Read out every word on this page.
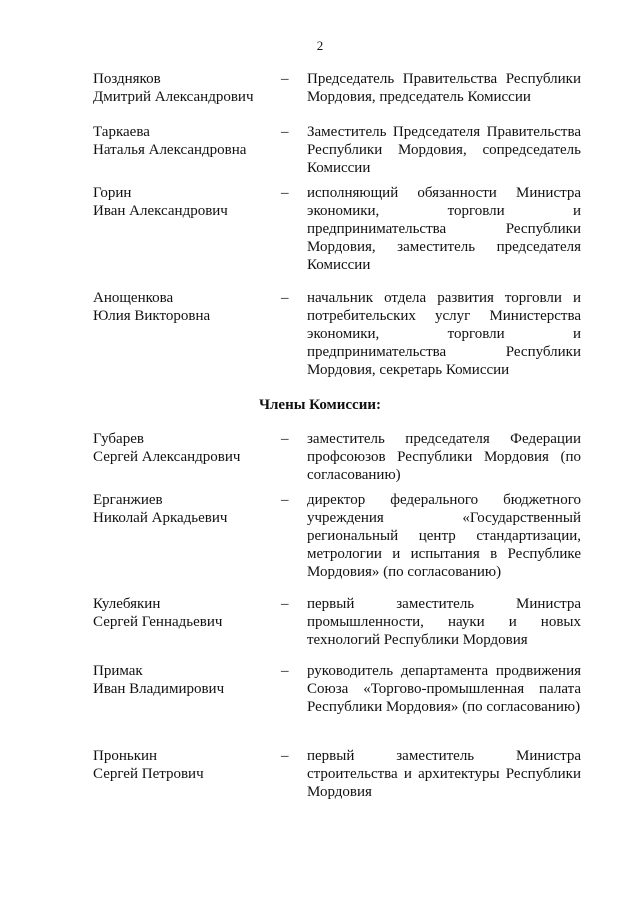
2
Поздняков
Дмитрий Александрович
– Председатель Правительства Республики Мордовия, председатель Комиссии
Таркаева
Наталья Александровна
– Заместитель Председателя Правительства Республики Мордовия, сопредседатель Комиссии
Горин
Иван Александрович
– исполняющий обязанности Министра экономики, торговли и предпринимательства Республики Мордовия, заместитель председателя Комиссии
Анощенкова
Юлия Викторовна
– начальник отдела развития торговли и потребительских услуг Министерства экономики, торговли и предпринимательства Республики Мордовия, секретарь Комиссии
Члены Комиссии:
Губарев
Сергей Александрович
– заместитель председателя Федерации профсоюзов Республики Мордовия (по согласованию)
Ерганжиев
Николай Аркадьевич
– директор федерального бюджетного учреждения «Государственный региональный центр стандартизации, метрологии и испытания в Республике Мордовия» (по согласованию)
Кулебякин
Сергей Геннадьевич
– первый заместитель Министра промышленности, науки и новых технологий Республики Мордовия
Примак
Иван Владимирович
– руководитель департамента продвижения Союза «Торгово-промышленная палата Республики Мордовия» (по согласованию)
Пронькин
Сергей Петрович
– первый заместитель Министра строительства и архитектуры Республики Мордовия
